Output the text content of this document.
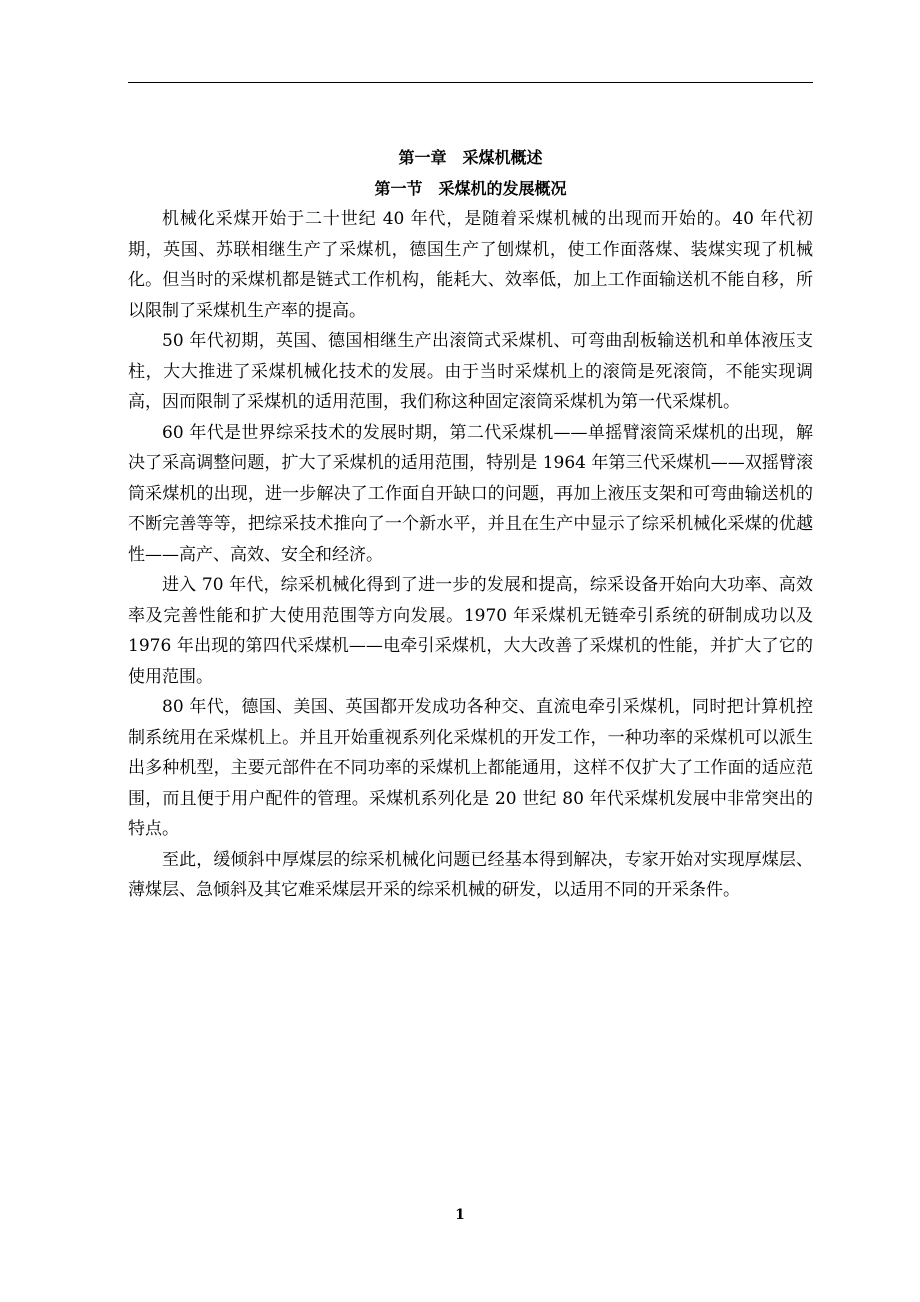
第一章　采煤机概述
第一节　采煤机的发展概况

机械化采煤开始于二十世纪 40 年代，是随着采煤机械的出现而开始的。40 年代初期，英国、苏联相继生产了采煤机，德国生产了刨煤机，使工作面落煤、装煤实现了机械化。但当时的采煤机都是链式工作机构，能耗大、效率低，加上工作面输送机不能自移，所以限制了采煤机生产率的提高。

50 年代初期，英国、德国相继生产出滚筒式采煤机、可弯曲刮板输送机和单体液压支柱，大大推进了采煤机械化技术的发展。由于当时采煤机上的滚筒是死滚筒，不能实现调高，因而限制了采煤机的适用范围，我们称这种固定滚筒采煤机为第一代采煤机。

60 年代是世界综采技术的发展时期，第二代采煤机——单摇臂滚筒采煤机的出现，解决了采高调整问题，扩大了采煤机的适用范围，特别是 1964 年第三代采煤机——双摇臂滚筒采煤机的出现，进一步解决了工作面自开缺口的问题，再加上液压支架和可弯曲输送机的不断完善等等，把综采技术推向了一个新水平，并且在生产中显示了综采机械化采煤的优越性——高产、高效、安全和经济。

进入 70 年代，综采机械化得到了进一步的发展和提高，综采设备开始向大功率、高效率及完善性能和扩大使用范围等方向发展。1970 年采煤机无链牵引系统的研制成功以及 1976 年出现的第四代采煤机——电牵引采煤机，大大改善了采煤机的性能，并扩大了它的使用范围。

80 年代，德国、美国、英国都开发成功各种交、直流电牵引采煤机，同时把计算机控制系统用在采煤机上。并且开始重视系列化采煤机的开发工作，一种功率的采煤机可以派生出多种机型，主要元部件在不同功率的采煤机上都能通用，这样不仅扩大了工作面的适应范围，而且便于用户配件的管理。采煤机系列化是 20 世纪 80 年代采煤机发展中非常突出的特点。

至此，缓倾斜中厚煤层的综采机械化问题已经基本得到解决，专家开始对实现厚煤层、薄煤层、急倾斜及其它难采煤层开采的综采机械的研发，以适用不同的开采条件。

1
